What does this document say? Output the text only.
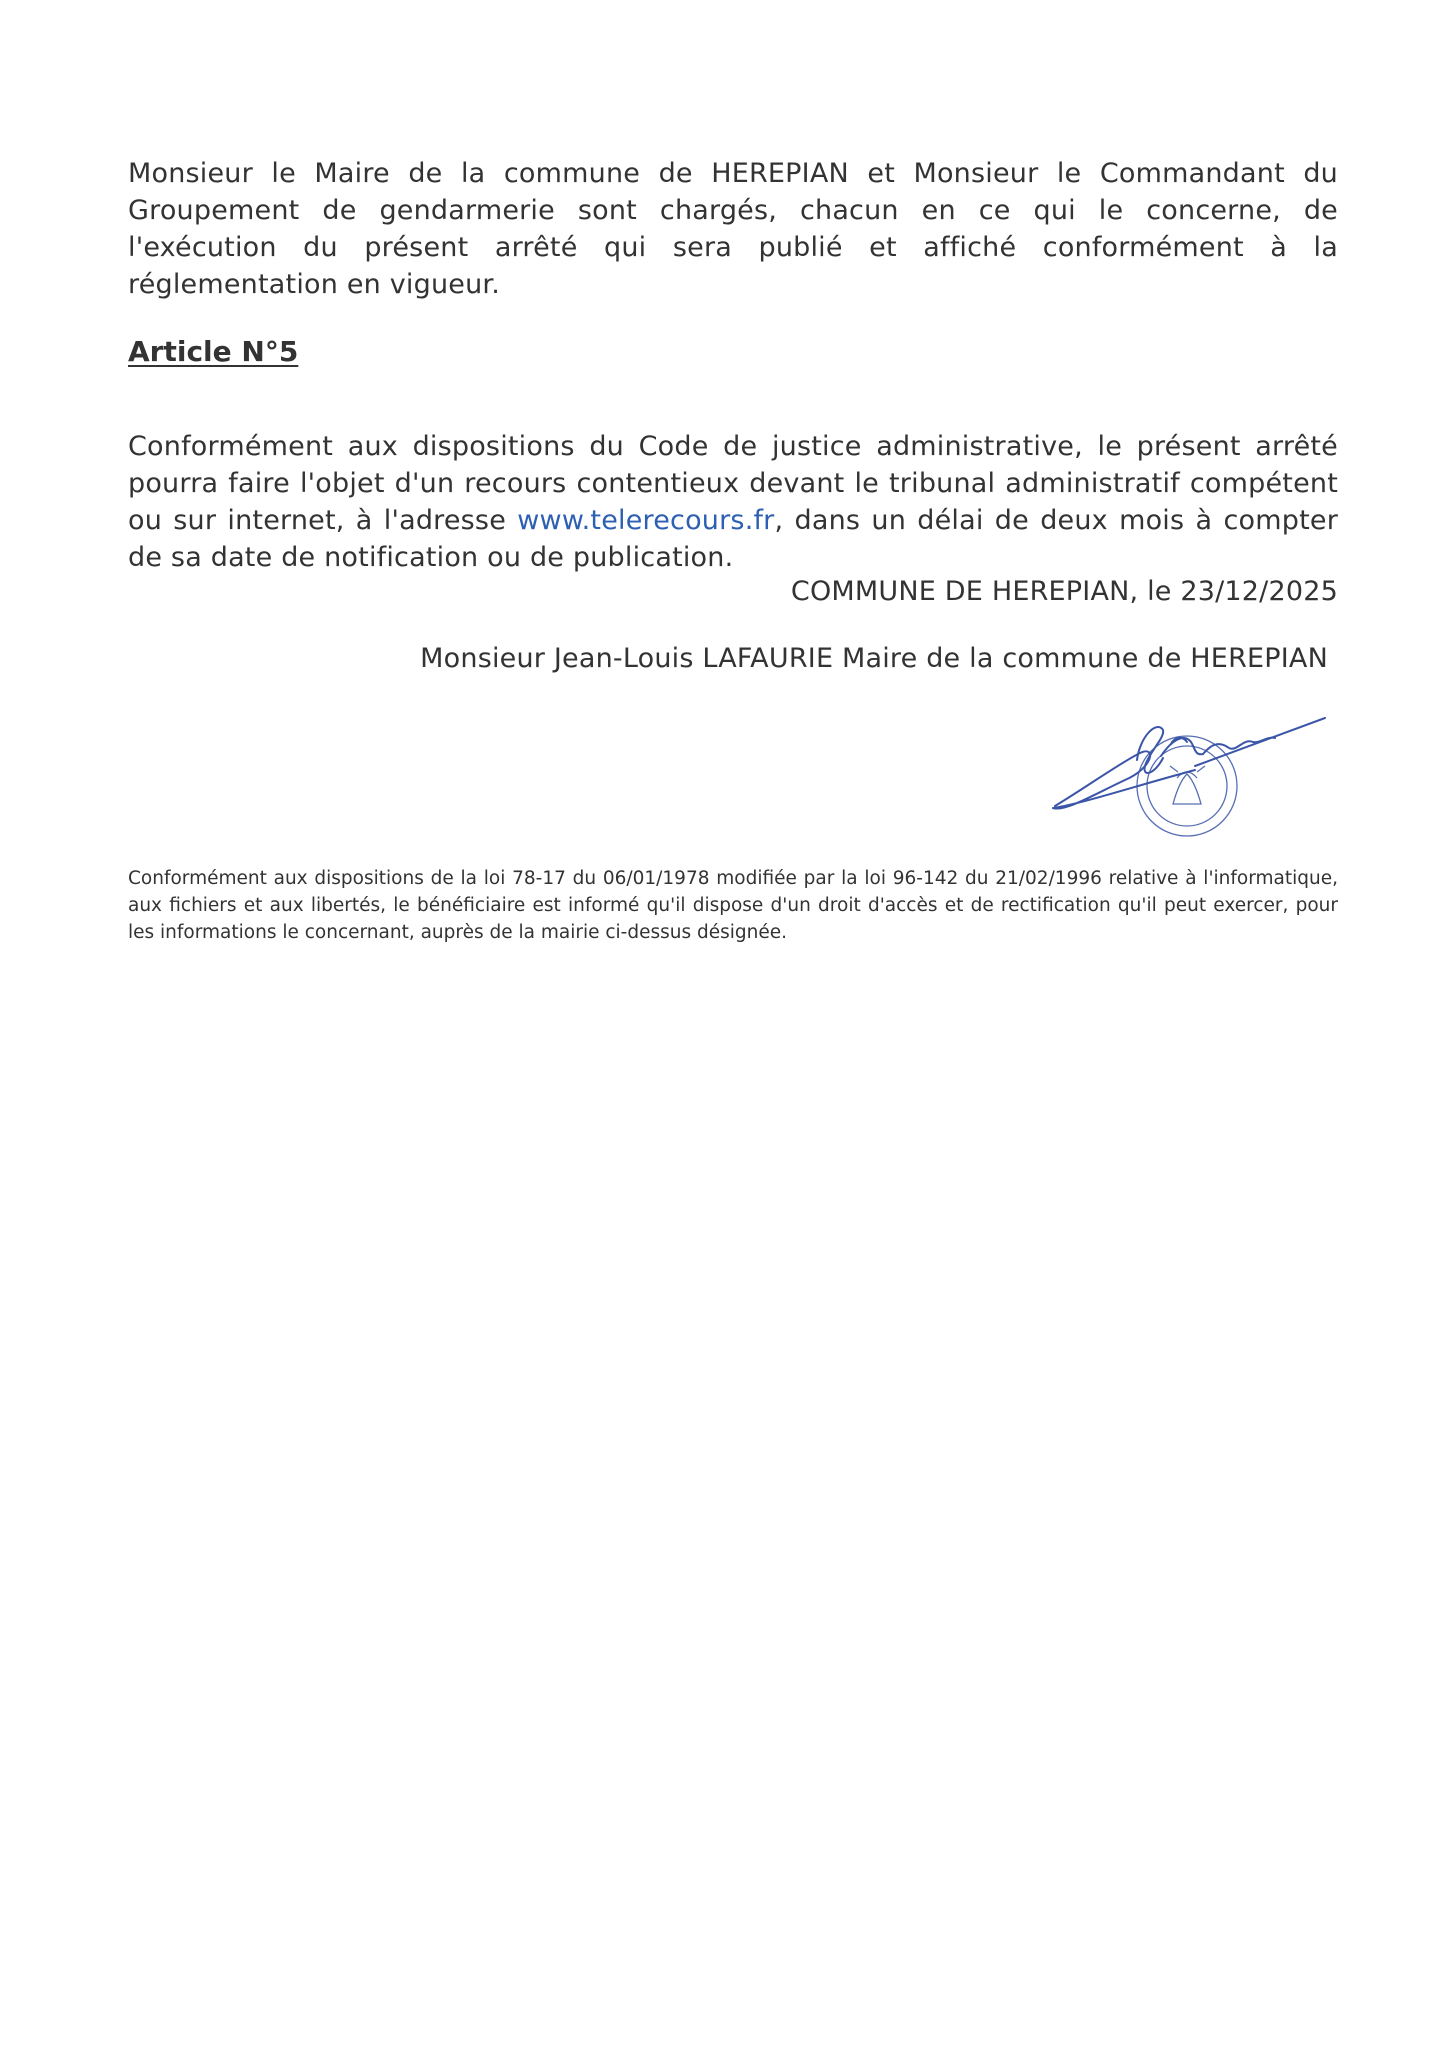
Monsieur le Maire de la commune de HEREPIAN et Monsieur le Commandant du Groupement de gendarmerie sont chargés, chacun en ce qui le concerne, de l'exécution du présent arrêté qui sera publié et affiché conformément à la réglementation en vigueur.

Article N°5

Conformément aux dispositions du Code de justice administrative, le présent arrêté pourra faire l'objet d'un recours contentieux devant le tribunal administratif compétent ou sur internet, à l'adresse www.telerecours.fr, dans un délai de deux mois à compter de sa date de notification ou de publication.

COMMUNE DE HEREPIAN, le 23/12/2025
Monsieur Jean-Louis LAFAURIE Maire de la commune de HEREPIAN

Conformément aux dispositions de la loi 78-17 du 06/01/1978 modifiée par la loi 96-142 du 21/02/1996 relative à l'informatique, aux fichiers et aux libertés, le bénéficiaire est informé qu'il dispose d'un droit d'accès et de rectification qu'il peut exercer, pour les informations le concernant, auprès de la mairie ci-dessus désignée.
